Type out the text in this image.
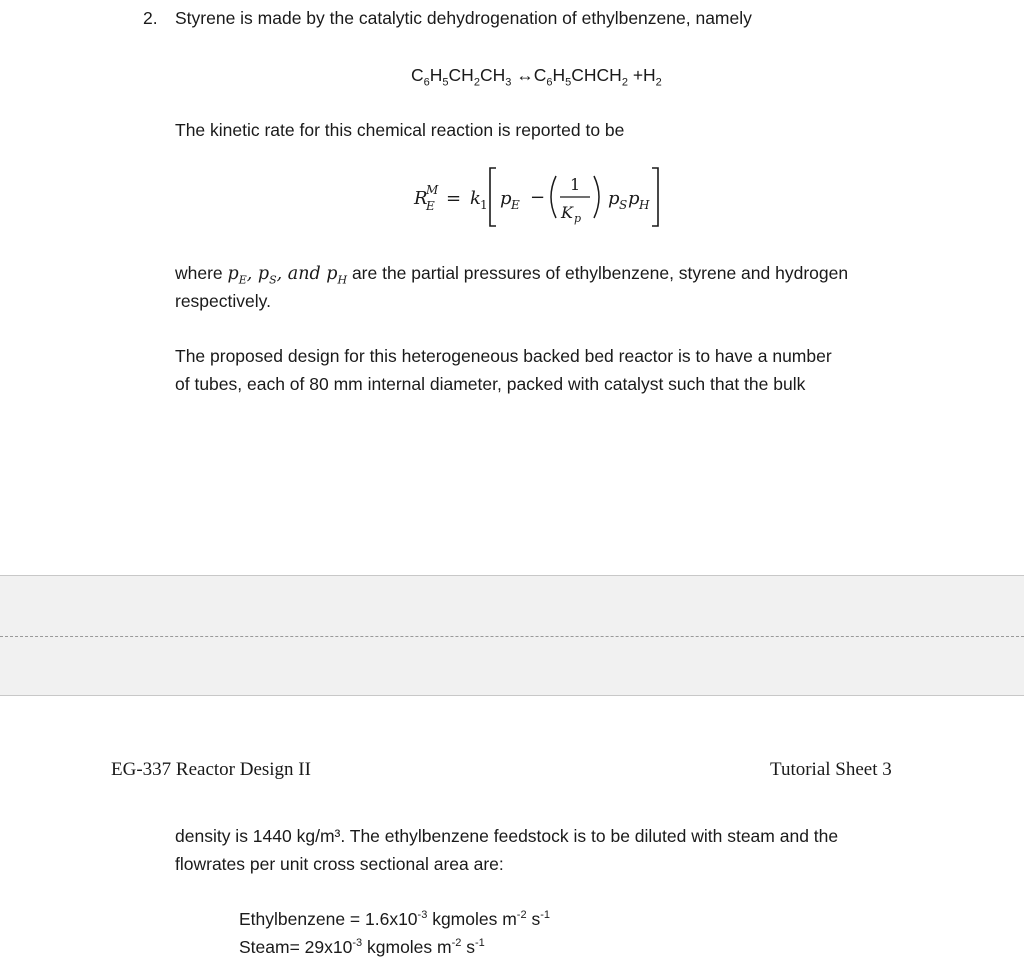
2. Styrene is made by the catalytic dehydrogenation of ethylbenzene, namely
$C_6H_5CH_2CH_3$ $\leftrightarrow C_6H_5CHCH_2 +H_2$
The kinetic rate for this chemical reaction is reported to be
R
M
E = k 1 p E −
1
K p
p S p H
where $p_E$, $p_S$, and $p_H$ are the partial pressures of ethylbenzene, styrene and hydrogen
respectively.
The proposed design for this heterogeneous backed bed reactor is to have a number
of tubes, each of 80 mm internal diameter, packed with catalyst such that the bulk
EG-337 Reactor Design II	Tutorial Sheet 3
density is 1440 kg/m³. The ethylbenzene feedstock is to be diluted with steam and the
flowrates per unit cross sectional area are:
Ethylbenzene = $1.6x10^{-3}$ kgmoles $m^{-2}$ $s^{-1}$
Steam= $29x10^{-3}$ kgmoles $m^{-2}$ $s^{-1}$
